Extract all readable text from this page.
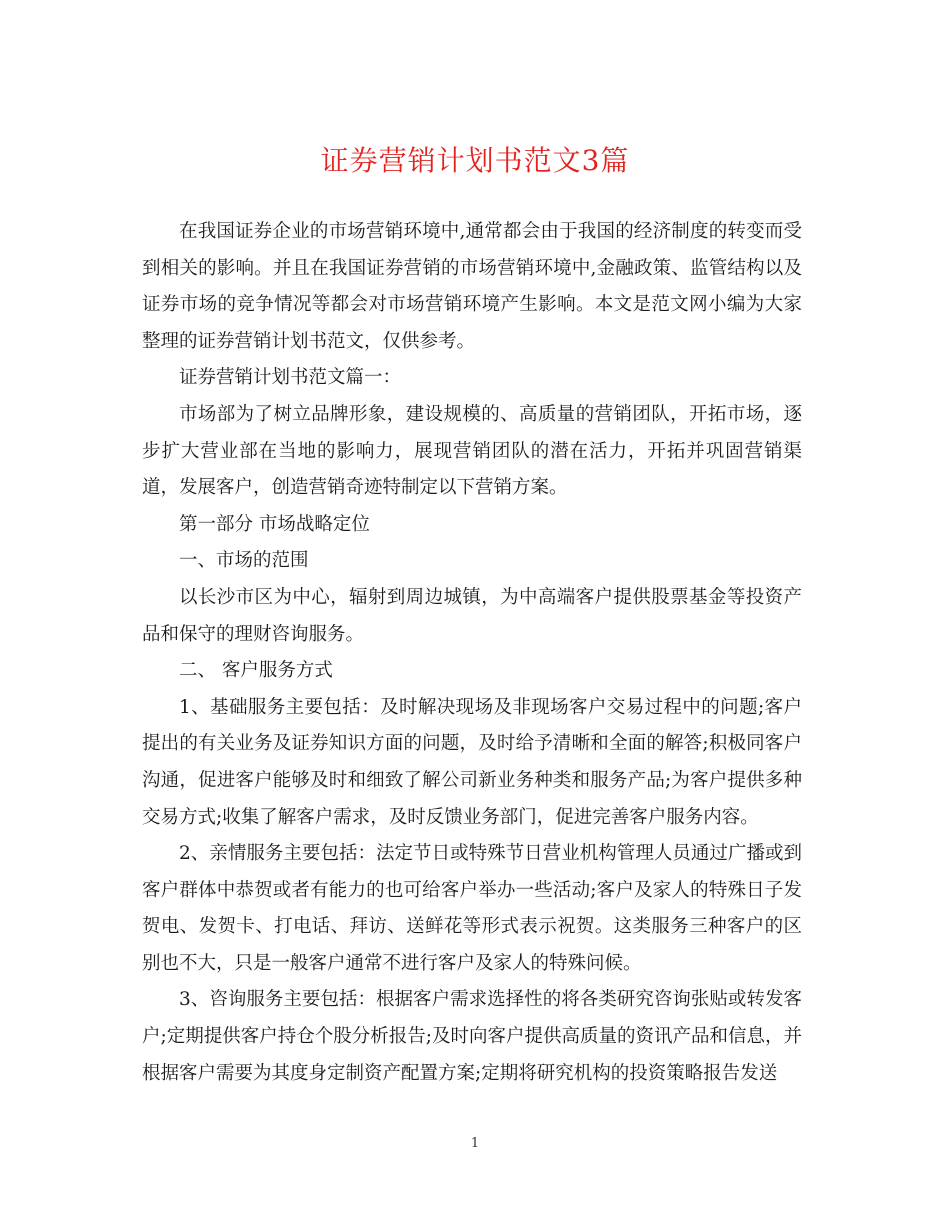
证券营销计划书范文3篇

在我国证券企业的市场营销环境中,通常都会由于我国的经济制度的转变而受到相关的影响。并且在我国证券营销的市场营销环境中,金融政策、监管结构以及证券市场的竞争情况等都会对市场营销环境产生影响。本文是范文网小编为大家整理的证券营销计划书范文，仅供参考。

证券营销计划书范文篇一：

市场部为了树立品牌形象，建设规模的、高质量的营销团队，开拓市场，逐步扩大营业部在当地的影响力，展现营销团队的潜在活力，开拓并巩固营销渠道，发展客户，创造营销奇迹特制定以下营销方案。

第一部分 市场战略定位

一、市场的范围

以长沙市区为中心，辐射到周边城镇，为中高端客户提供股票基金等投资产品和保守的理财咨询服务。

二、 客户服务方式

1、基础服务主要包括：及时解决现场及非现场客户交易过程中的问题;客户提出的有关业务及证券知识方面的问题，及时给予清晰和全面的解答;积极同客户沟通，促进客户能够及时和细致了解公司新业务种类和服务产品;为客户提供多种交易方式;收集了解客户需求，及时反馈业务部门，促进完善客户服务内容。

2、亲情服务主要包括：法定节日或特殊节日营业机构管理人员通过广播或到客户群体中恭贺或者有能力的也可给客户举办一些活动;客户及家人的特殊日子发贺电、发贺卡、打电话、拜访、送鲜花等形式表示祝贺。这类服务三种客户的区别也不大，只是一般客户通常不进行客户及家人的特殊问候。

3、咨询服务主要包括：根据客户需求选择性的将各类研究咨询张贴或转发客户;定期提供客户持仓个股分析报告;及时向客户提供高质量的资讯产品和信息，并根据客户需要为其度身定制资产配置方案;定期将研究机构的投资策略报告发送

1
